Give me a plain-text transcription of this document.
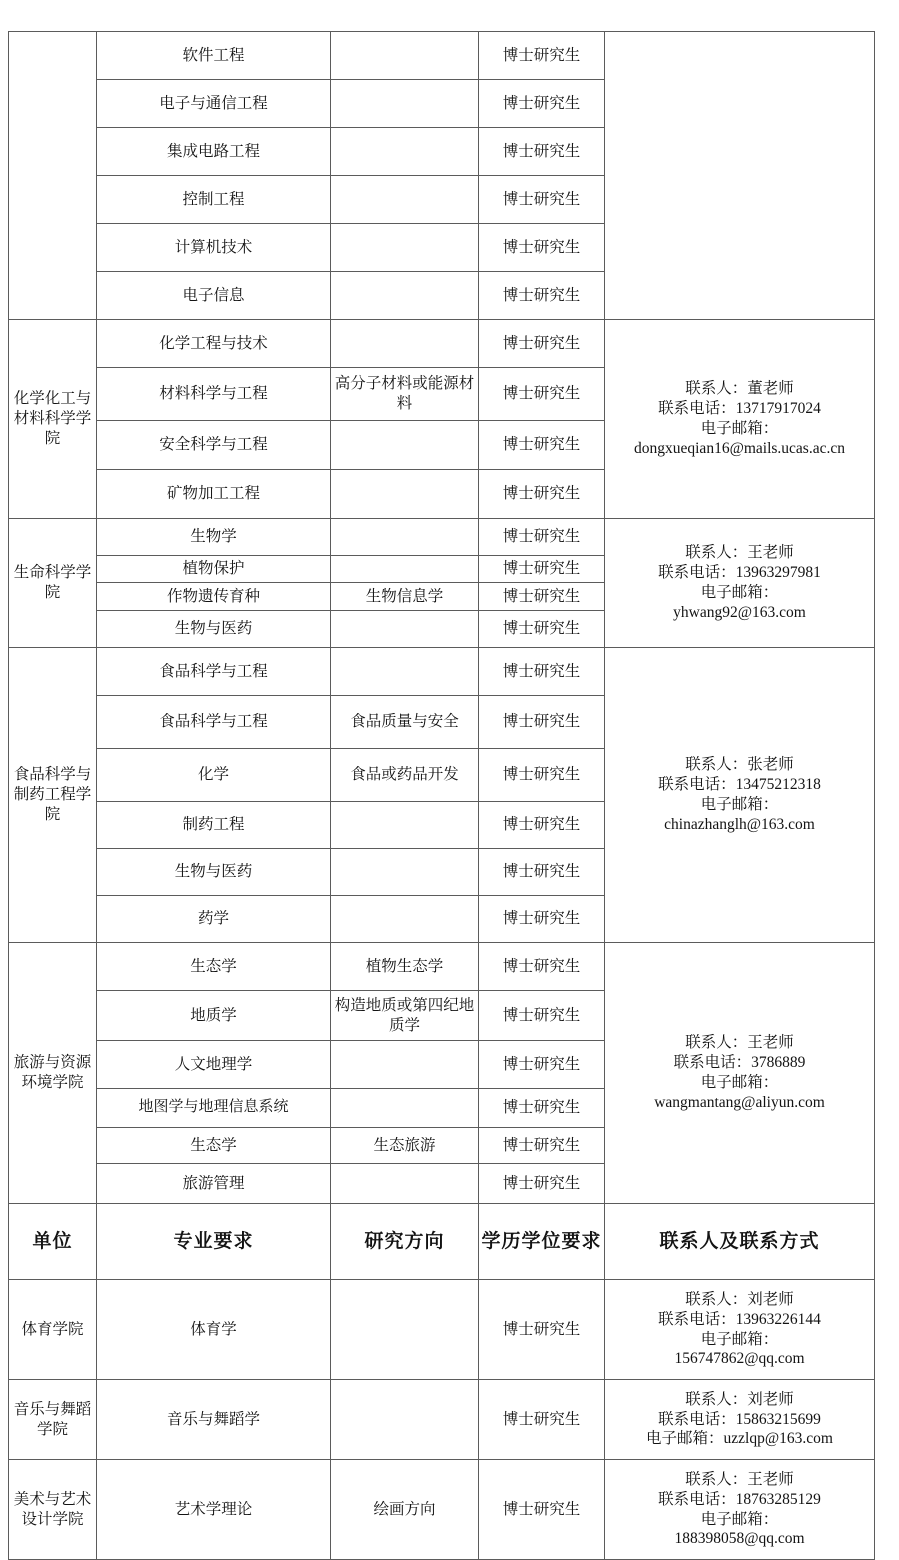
	软件工程		博士研究生	
	电子与通信工程		博士研究生	
	集成电路工程		博士研究生	
	控制工程		博士研究生	
	计算机技术		博士研究生	
	电子信息		博士研究生	
化学化工与材料科学学院	化学工程与技术		博士研究生	联系人：董老师
联系电话：13717917024
电子邮箱：
dongxueqian16@mails.ucas.ac.cn

	材料科学与工程	高分子材料或能源材料	博士研究生	
	安全科学与工程		博士研究生	
	矿物加工工程		博士研究生	
生命科学学院	生物学		博士研究生	联系人：王老师
联系电话：13963297981
电子邮箱：
yhwang92@163.com

	植物保护		博士研究生	
	作物遗传育种	生物信息学	博士研究生	
	生物与医药		博士研究生	
食品科学与制药工程学院	食品科学与工程		博士研究生	联系人：张老师
联系电话：13475212318
电子邮箱：
chinazhanglh@163.com

	食品科学与工程	食品质量与安全	博士研究生	
	化学	食品或药品开发	博士研究生	
	制药工程		博士研究生	
	生物与医药		博士研究生	
	药学		博士研究生	
旅游与资源环境学院	生态学	植物生态学	博士研究生	联系人：王老师
联系电话：3786889
电子邮箱：
wangmantang@aliyun.com

	地质学	构造地质或第四纪地质学	博士研究生	
	人文地理学		博士研究生	
	地图学与地理信息系统		博士研究生	
	生态学	生态旅游	博士研究生	
	旅游管理		博士研究生	
单位	专业要求	研究方向	学历学位要求	联系人及联系方式
体育学院	体育学		博士研究生	联系人：刘老师
联系电话：13963226144
电子邮箱：
156747862@qq.com

音乐与舞蹈学院	音乐与舞蹈学		博士研究生	联系人：刘老师
联系电话：15863215699
电子邮箱：uzzlqp@163.com

美术与艺术设计学院	艺术学理论	绘画方向	博士研究生	联系人：王老师
联系电话：18763285129
电子邮箱：
188398058@qq.com
